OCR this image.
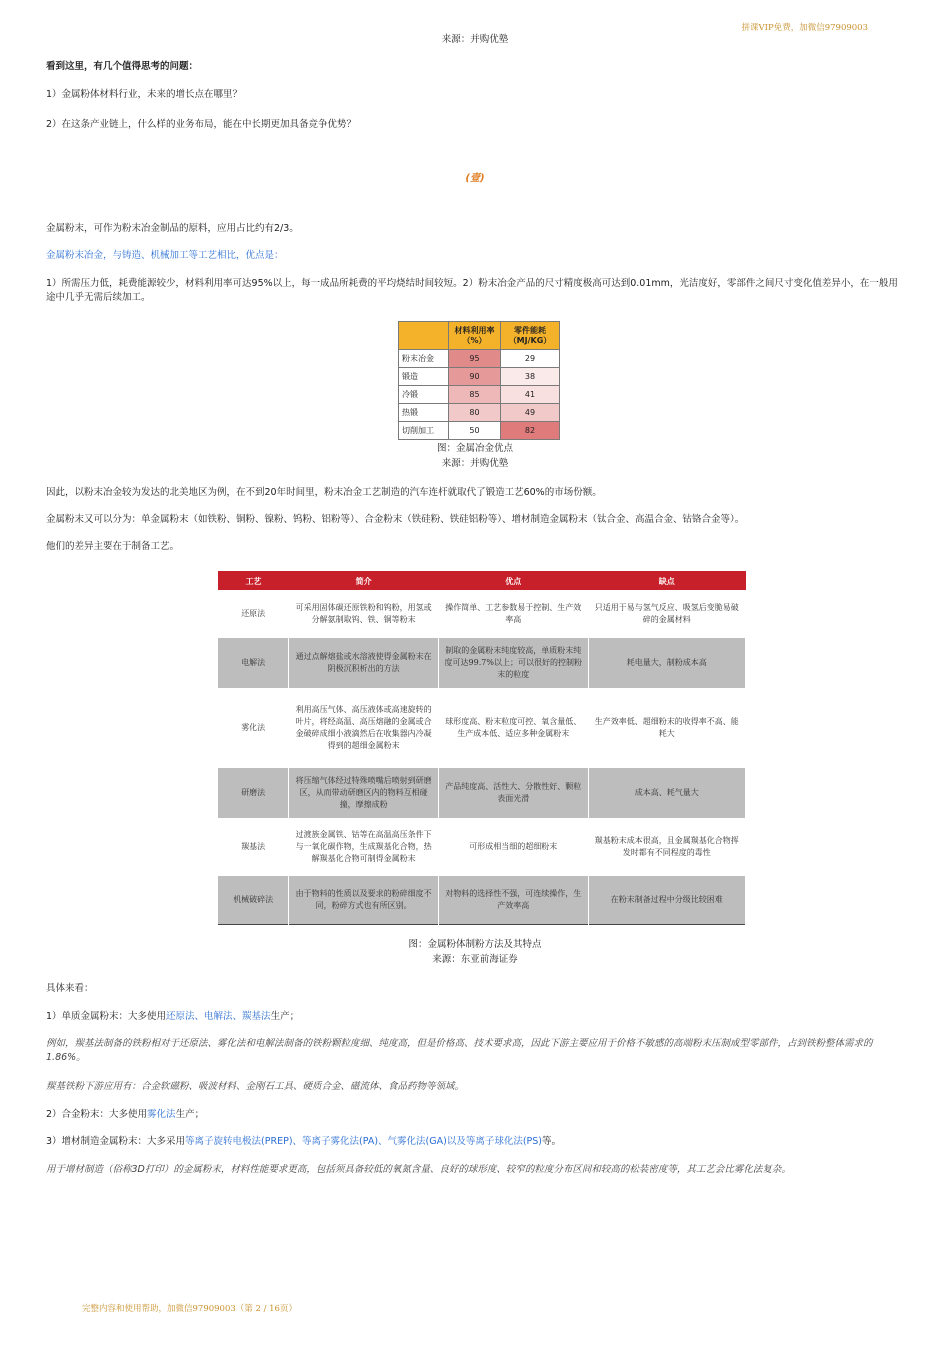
拼课VIP免费，加微信97909003
来源：并购优塾
看到这里，有几个值得思考的问题：
1）金属粉体材料行业，未来的增长点在哪里？
2）在这条产业链上，什么样的业务布局，能在中长期更加具备竞争优势？
(壹)
金属粉末，可作为粉末冶金制品的原料，应用占比约有2/3。
金属粉末冶金，与铸造、机械加工等工艺相比，优点是：
1）所需压力低，耗费能源较少，材料利用率可达95%以上，每一成品所耗费的平均烧结时间较短。2）粉末冶金产品的尺寸精度极高可达到0.01mm，光洁度好，零部件之间尺寸变化值差异小，在一般用途中几乎无需后续加工。
	材料利用率（%）	零件能耗（MJ/KG）
粉末冶金	95	29
锻造	90	38
冷锻	85	41
热锻	80	49
切削加工	50	82
图：金属冶金优点
来源：并购优塾
因此，以粉末冶金较为发达的北美地区为例，在不到20年时间里，粉末冶金工艺制造的汽车连杆就取代了锻造工艺60%的市场份额。
金属粉末又可以分为：单金属粉末（如铁粉、铜粉、镍粉、钨粉、铝粉等）、合金粉末（铁硅粉、铁硅铝粉等）、增材制造金属粉末（钛合金、高温合金、钴铬合金等）。
他们的差异主要在于制备工艺。
工艺	简介	优点	缺点
还原法	可采用固体碳还原铁粉和钨粉，用氢或分解氨制取钨、铁、铜等粉末	操作简单、工艺参数易于控制、生产效率高	只适用于易与氢气反应、吸氢后变脆易破碎的金属材料
电解法	通过点解熔盐或水溶液使得金属粉末在阴极沉积析出的方法	制取的金属粉末纯度较高，单质粉末纯度可达99.7%以上；可以很好的控制粉末的粒度	耗电量大，制粉成本高
雾化法	利用高压气体、高压液体或高速旋转的叶片，将经高温、高压熔融的金属或合金破碎成细小液滴然后在收集器内冷凝得到的超细金属粉末	球形度高、粉末粒度可控、氧含量低、生产成本低、适应多种金属粉末	生产效率低、超细粉末的收得率不高、能耗大
研磨法	将压缩气体经过特殊喷嘴后喷射到研磨区，从而带动研磨区内的物料互相碰撞，摩擦成粉	产品纯度高、活性大、分散性好、颗粒表面光滑	成本高、耗气量大
羰基法	过渡族金属铁、钴等在高温高压条件下与一氧化碳作物，生成羰基化合物，热解羰基化合物可制得金属粉末	可形成相当细的超细粉末	羰基粉末成本很高，且金属羰基化合物挥发时都有不同程度的毒性
机械破碎法	由于物料的性质以及要求的粉碎细度不同，粉碎方式也有所区别。	对物料的选择性不强，可连续操作，生产效率高	在粉末制备过程中分级比较困难
图：金属粉体制粉方法及其特点
来源：东亚前海证券
具体来看：
1）单质金属粉末：大多使用还原法、电解法、羰基法生产；
例如，羰基法制备的铁粉相对于还原法、雾化法和电解法制备的铁粉颗粒度细、纯度高，但是价格高、技术要求高，因此下游主要应用于价格不敏感的高端粉末压制成型零部件，占到铁粉整体需求的1.86%。
羰基铁粉下游应用有：合金软磁粉、吸波材料、金刚石工具、硬质合金、磁流体、食品药物等领域。
2）合金粉末：大多使用雾化法生产；
3）增材制造金属粉末：大多采用等离子旋转电极法(PREP)、等离子雾化法(PA)、气雾化法(GA)以及等离子球化法(PS)等。
用于增材制造（俗称3D打印）的金属粉末，材料性能要求更高，包括须具备较低的氧氮含量、良好的球形度、较窄的粒度分布区间和较高的松装密度等，其工艺会比雾化法复杂。
完整内容和使用帮助，加微信97909003（第 2 / 16页）
